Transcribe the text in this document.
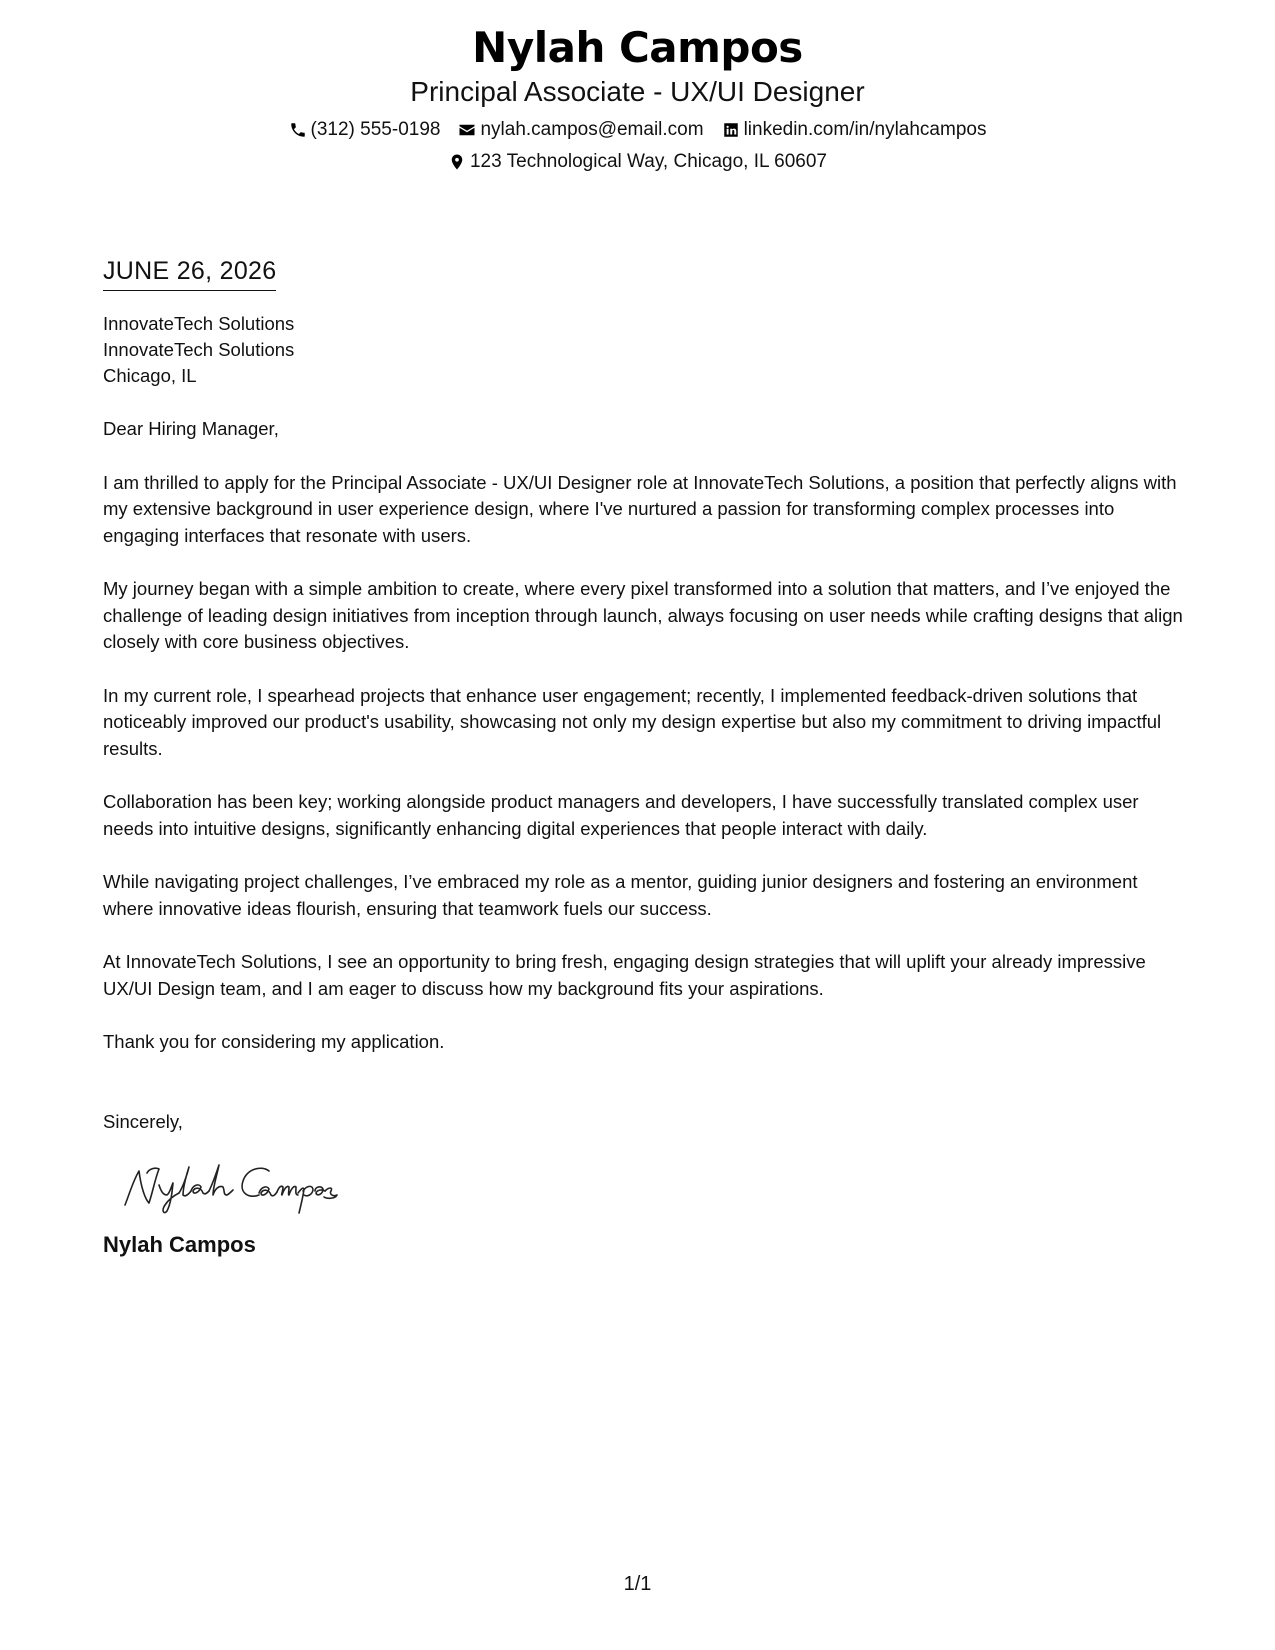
Nylah Campos
Principal Associate - UX/UI Designer
(312) 555-0198 nylah.campos@email.com linkedin.com/in/nylahcampos
123 Technological Way, Chicago, IL 60607
JUNE 26, 2026
InnovateTech Solutions
InnovateTech Solutions
Chicago, IL
Dear Hiring Manager,
I am thrilled to apply for the Principal Associate - UX/UI Designer role at InnovateTech Solutions, a position that perfectly aligns with my extensive background in user experience design, where I've nurtured a passion for transforming complex processes into engaging interfaces that resonate with users.
My journey began with a simple ambition to create, where every pixel transformed into a solution that matters, and I’ve enjoyed the challenge of leading design initiatives from inception through launch, always focusing on user needs while crafting designs that align closely with core business objectives.
In my current role, I spearhead projects that enhance user engagement; recently, I implemented feedback-driven solutions that noticeably improved our product's usability, showcasing not only my design expertise but also my commitment to driving impactful results.
Collaboration has been key; working alongside product managers and developers, I have successfully translated complex user needs into intuitive designs, significantly enhancing digital experiences that people interact with daily.
While navigating project challenges, I’ve embraced my role as a mentor, guiding junior designers and fostering an environment where innovative ideas flourish, ensuring that teamwork fuels our success.
At InnovateTech Solutions, I see an opportunity to bring fresh, engaging design strategies that will uplift your already impressive UX/UI Design team, and I am eager to discuss how my background fits your aspirations.
Thank you for considering my application.
Sincerely,
Nylah Campos
1/1
